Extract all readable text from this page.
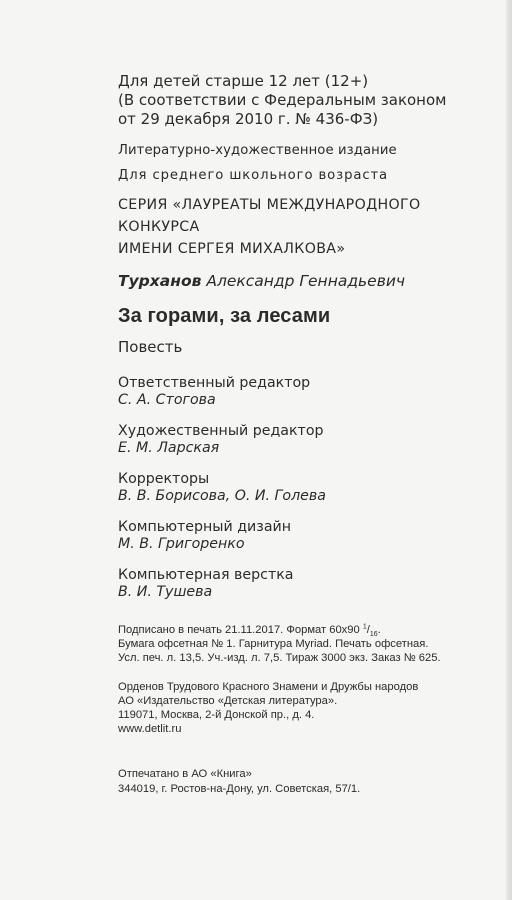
Для детей старше 12 лет (12+)
(В соответствии с Федеральным законом
от 29 декабря 2010 г. № 436-ФЗ)
Литературно-художественное издание
Для среднего школьного возраста
СЕРИЯ «ЛАУРЕАТЫ МЕЖДУНАРОДНОГО КОНКУРСА
ИМЕНИ СЕРГЕЯ МИХАЛКОВА»
Турханов Александр Геннадьевич
За горами, за лесами
Повесть
Ответственный редактор
С. А. Стогова
Художественный редактор
Е. М. Ларская
Корректоры
В. В. Борисова, О. И. Голева
Компьютерный дизайн
М. В. Григоренко
Компьютерная верстка
В. И. Тушева
Подписано в печать 21.11.2017. Формат 60x90 $^1/_{16}$.
Бумага офсетная № 1. Гарнитура Myriad. Печать офсетная.
Усл. печ. л. 13,5. Уч.-изд. л. 7,5. Тираж 3000 экз. Заказ № 625.
Орденов Трудового Красного Знамени и Дружбы народов
АО «Издательство «Детская литература».
119071, Москва, 2-й Донской пр., д. 4.
www.detlit.ru
Отпечатано в АО «Книга»
344019, г. Ростов-на-Дону, ул. Советская, 57/1.
